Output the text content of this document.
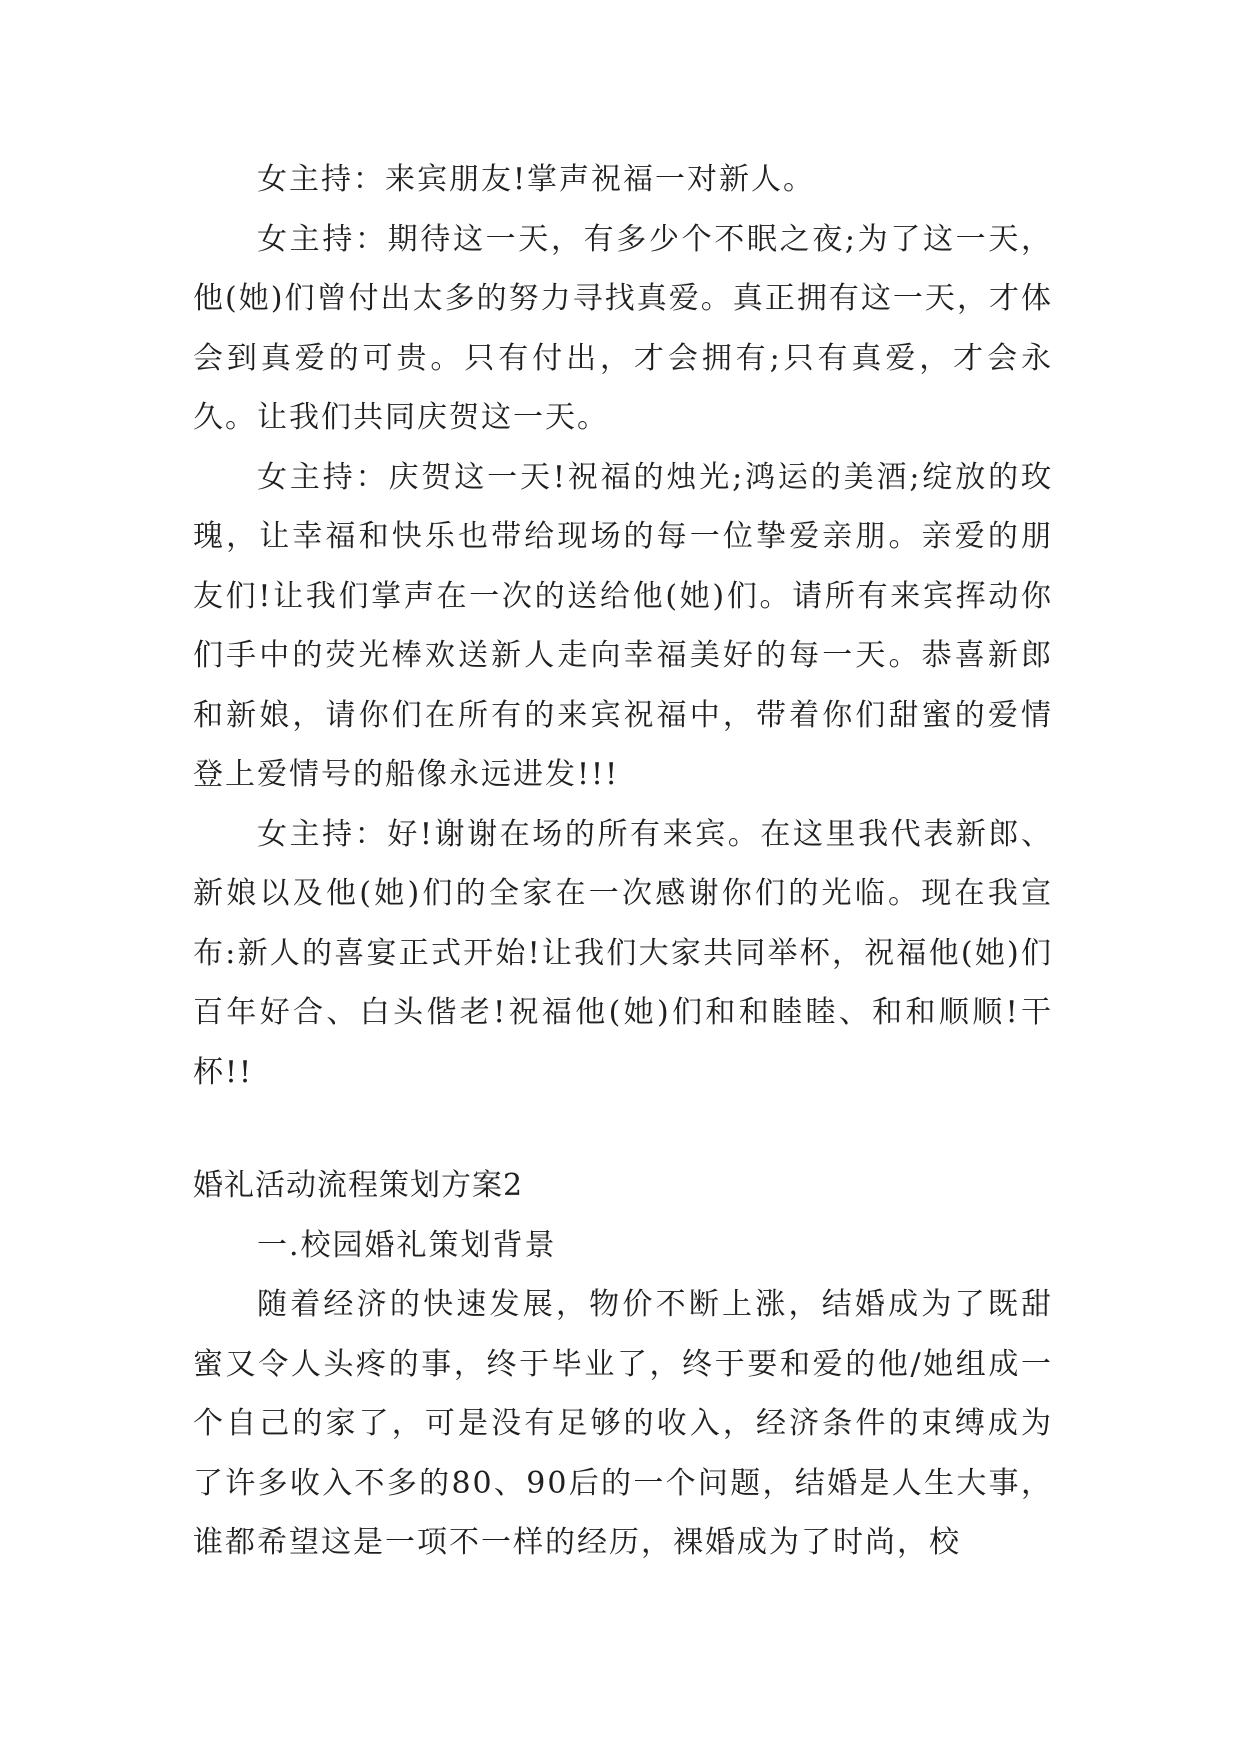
女主持：来宾朋友!掌声祝福一对新人。

女主持：期待这一天，有多少个不眠之夜;为了这一天，他(她)们曾付出太多的努力寻找真爱。真正拥有这一天，才体会到真爱的可贵。只有付出，才会拥有;只有真爱，才会永久。让我们共同庆贺这一天。

女主持：庆贺这一天!祝福的烛光;鸿运的美酒;绽放的玫瑰，让幸福和快乐也带给现场的每一位挚爱亲朋。亲爱的朋友们!让我们掌声在一次的送给他(她)们。请所有来宾挥动你们手中的荧光棒欢送新人走向幸福美好的每一天。恭喜新郎和新娘，请你们在所有的来宾祝福中，带着你们甜蜜的爱情登上爱情号的船像永远进发!!!

女主持：好!谢谢在场的所有来宾。在这里我代表新郎、新娘以及他(她)们的全家在一次感谢你们的光临。现在我宣布:新人的喜宴正式开始!让我们大家共同举杯，祝福他(她)们百年好合、白头偕老!祝福他(她)们和和睦睦、和和顺顺!干杯!!

婚礼活动流程策划方案2

一.校园婚礼策划背景

随着经济的快速发展，物价不断上涨，结婚成为了既甜蜜又令人头疼的事，终于毕业了，终于要和爱的他/她组成一个自己的家了，可是没有足够的收入，经济条件的束缚成为了许多收入不多的80、90后的一个问题，结婚是人生大事，谁都希望这是一项不一样的经历，裸婚成为了时尚，校
